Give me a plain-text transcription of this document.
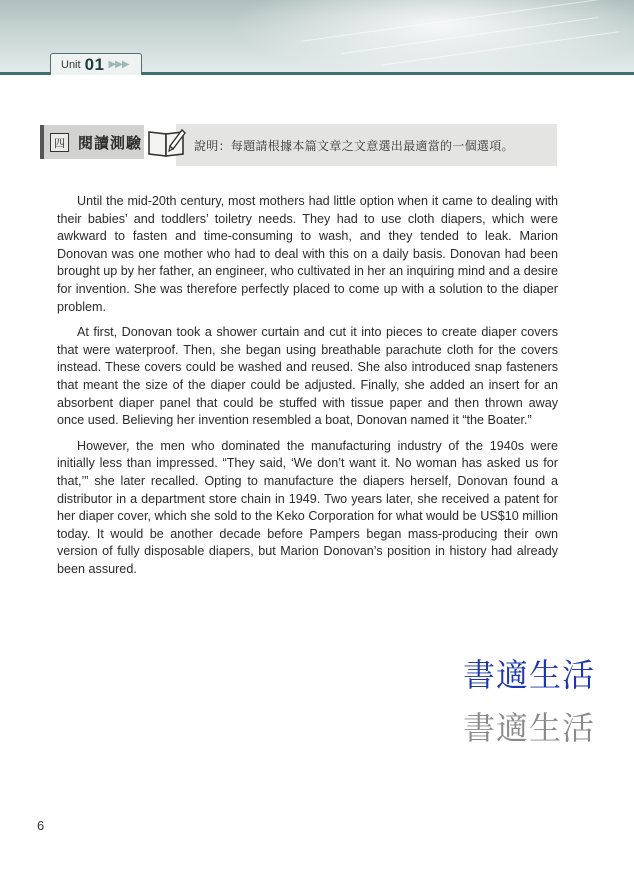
Unit 01 ▶▶▶
四 閱讀測驗	說明：每題請根據本篇文章之文意選出最適當的一個選項。

Until the mid-20th century, most mothers had little option when it came to dealing with their babies’ and toddlers’ toiletry needs. They had to use cloth diapers, which were awkward to fasten and time-consuming to wash, and they tended to leak. Marion Donovan was one mother who had to deal with this on a daily basis. Donovan had been brought up by her father, an engineer, who cultivated in her an inquiring mind and a desire for invention. She was therefore perfectly placed to come up with a solution to the diaper problem.

At first, Donovan took a shower curtain and cut it into pieces to create diaper covers that were waterproof. Then, she began using breathable parachute cloth for the covers instead. These covers could be washed and reused. She also introduced snap fasteners that meant the size of the diaper could be adjusted. Finally, she added an insert for an absorbent diaper panel that could be stuffed with tissue paper and then thrown away once used. Believing her invention resembled a boat, Donovan named it “the Boater.”

However, the men who dominated the manufacturing industry of the 1940s were initially less than impressed. “They said, ‘We don’t want it. No woman has asked us for that,’” she later recalled. Opting to manufacture the diapers herself, Donovan found a distributor in a department store chain in 1949. Two years later, she received a patent for her diaper cover, which she sold to the Keko Corporation for what would be US$10 million today. It would be another decade before Pampers began mass-producing their own version of fully disposable diapers, but Marion Donovan’s position in history had already been assured.

書適生活
書適生活
6
